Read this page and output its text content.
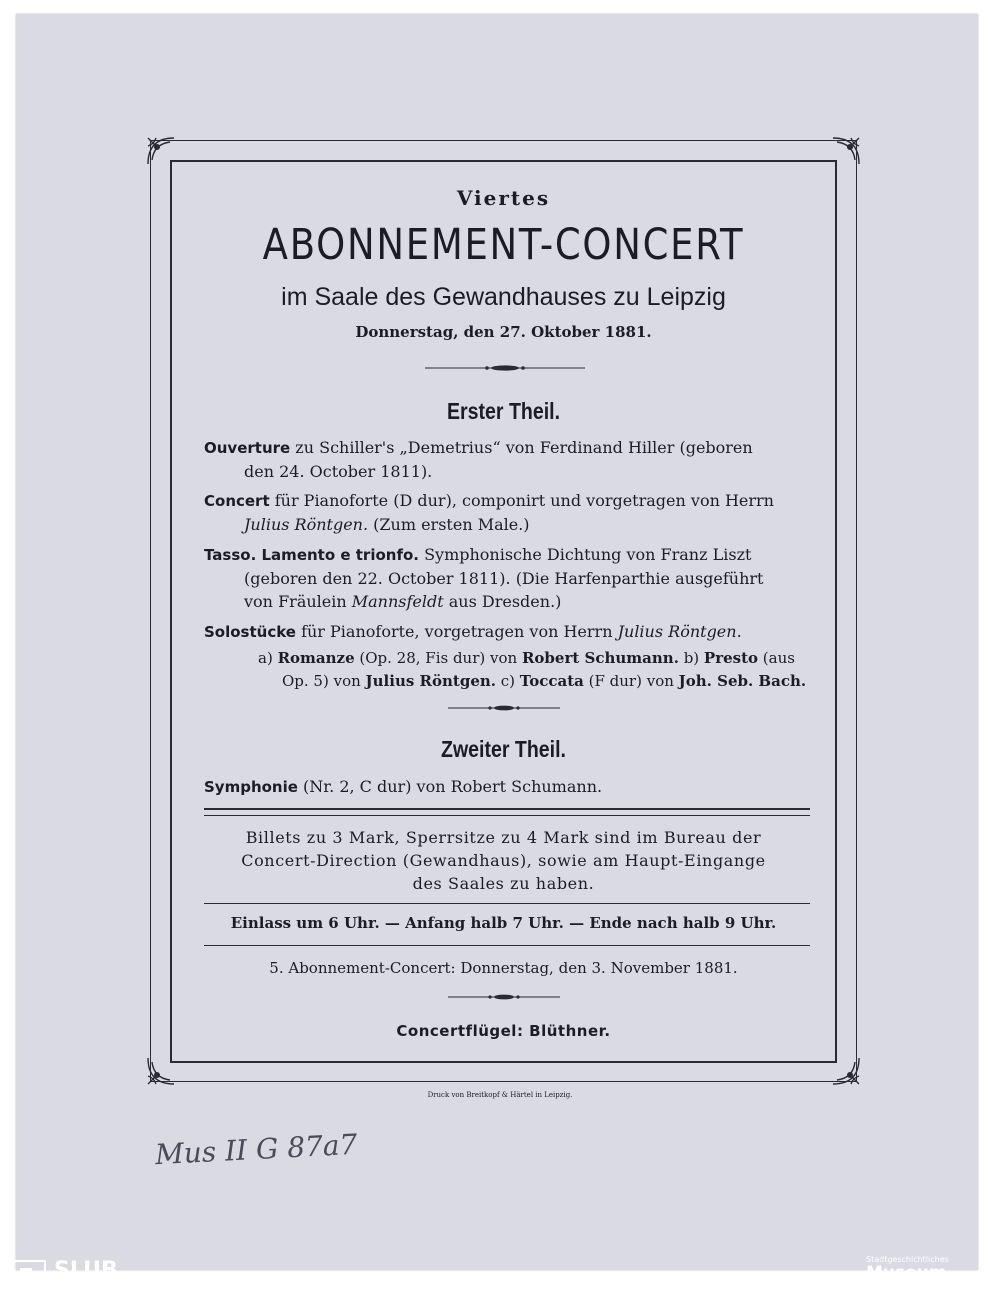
Viertes
ABONNEMENT-CONCERT
im Saale des Gewandhauses zu Leipzig
Donnerstag, den 27. Oktober 1881.
Erster Theil.
Ouverture zu Schiller's „Demetrius“ von Ferdinand Hiller (geboren
den 24. October 1811).
Concert für Pianoforte (D dur), componirt und vorgetragen von Herrn
Julius Röntgen. (Zum ersten Male.)
Tasso. Lamento e trionfo. Symphonische Dichtung von Franz Liszt
(geboren den 22. October 1811). (Die Harfenparthie ausgeführt
von Fräulein Mannsfeldt aus Dresden.)
Solostücke für Pianoforte, vorgetragen von Herrn Julius Röntgen.
a) Romanze (Op. 28, Fis dur) von Robert Schumann. b) Presto (aus
Op. 5) von Julius Röntgen. c) Toccata (F dur) von Joh. Seb. Bach.
Zweiter Theil.
Symphonie (Nr. 2, C dur) von Robert Schumann.
Billets zu 3 Mark, Sperrsitze zu 4 Mark sind im Bureau der
Concert-Direction (Gewandhaus), sowie am Haupt-Eingange
des Saales zu haben.
Einlass um 6 Uhr. — Anfang halb 7 Uhr. — Ende nach halb 9 Uhr.
5. Abonnement-Concert: Donnerstag, den 3. November 1881.
Concertflügel: Blüthner.
Druck von Breitkopf & Härtel in Leipzig.
Mus II G 87a7
SLUB
Wir führen Wissen.
Stadtgeschichtliches
Museum.
Leipzig
✓Zertifizierter Partner der Nationalen Klimaschutzinitiative
